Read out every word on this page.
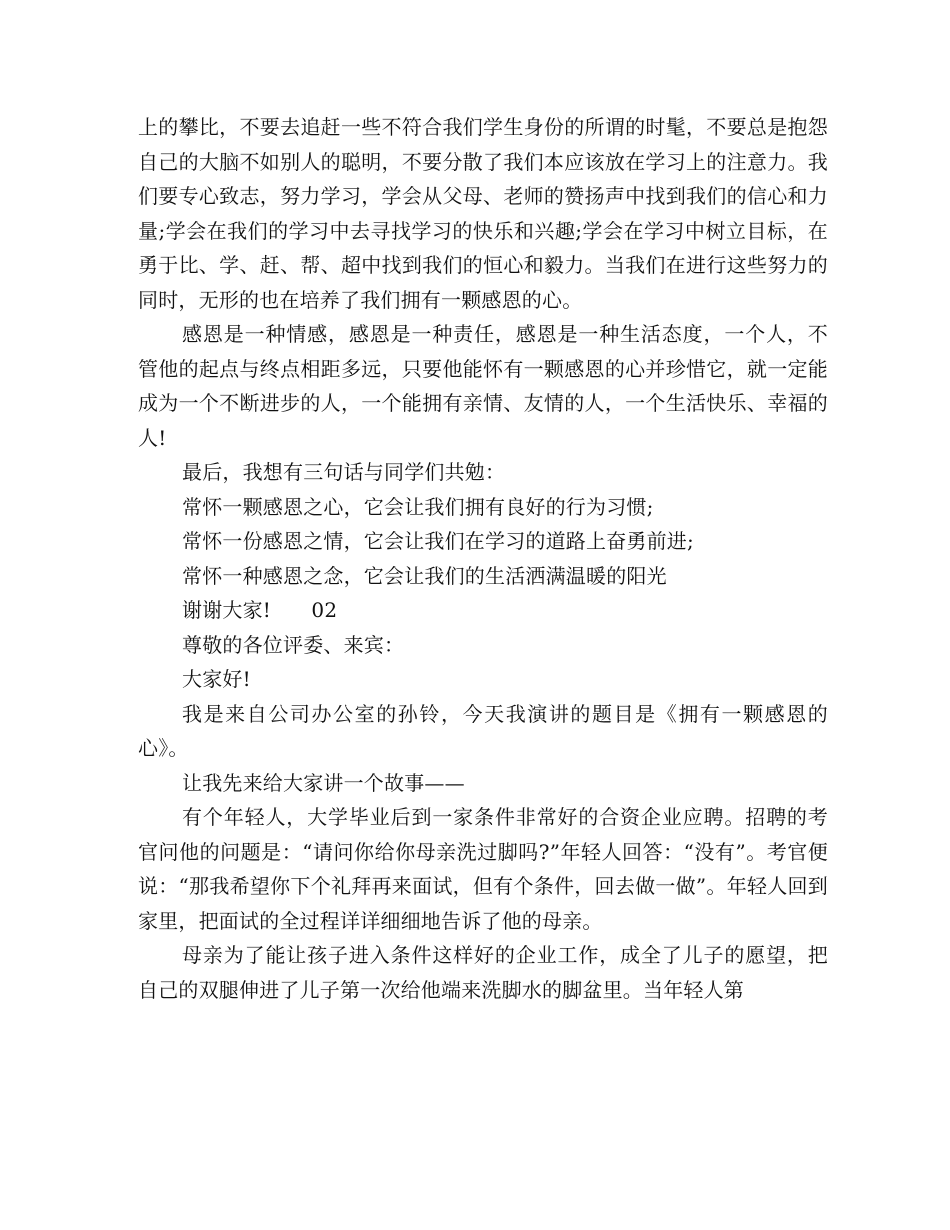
上的攀比，不要去追赶一些不符合我们学生身份的所谓的时髦，不要总是抱怨自己的大脑不如别人的聪明，不要分散了我们本应该放在学习上的注意力。我们要专心致志，努力学习，学会从父母、老师的赞扬声中找到我们的信心和力量;学会在我们的学习中去寻找学习的快乐和兴趣;学会在学习中树立目标，在勇于比、学、赶、帮、超中找到我们的恒心和毅力。当我们在进行这些努力的同时，无形的也在培养了我们拥有一颗感恩的心。

感恩是一种情感，感恩是一种责任，感恩是一种生活态度，一个人，不管他的起点与终点相距多远，只要他能怀有一颗感恩的心并珍惜它，就一定能成为一个不断进步的人，一个能拥有亲情、友情的人，一个生活快乐、幸福的人!

最后，我想有三句话与同学们共勉：

常怀一颗感恩之心，它会让我们拥有良好的行为习惯;

常怀一份感恩之情，它会让我们在学习的道路上奋勇前进;

常怀一种感恩之念，它会让我们的生活洒满温暖的阳光

谢谢大家!　　02

尊敬的各位评委、来宾：

大家好!

我是来自公司办公室的孙铃，今天我演讲的题目是《拥有一颗感恩的心》。

让我先来给大家讲一个故事——

有个年轻人，大学毕业后到一家条件非常好的合资企业应聘。招聘的考官问他的问题是：“请问你给你母亲洗过脚吗?”年轻人回答：“没有”。考官便说：“那我希望你下个礼拜再来面试，但有个条件，回去做一做”。年轻人回到家里，把面试的全过程详详细细地告诉了他的母亲。

母亲为了能让孩子进入条件这样好的企业工作，成全了儿子的愿望，把自己的双腿伸进了儿子第一次给他端来洗脚水的脚盆里。当年轻人第
